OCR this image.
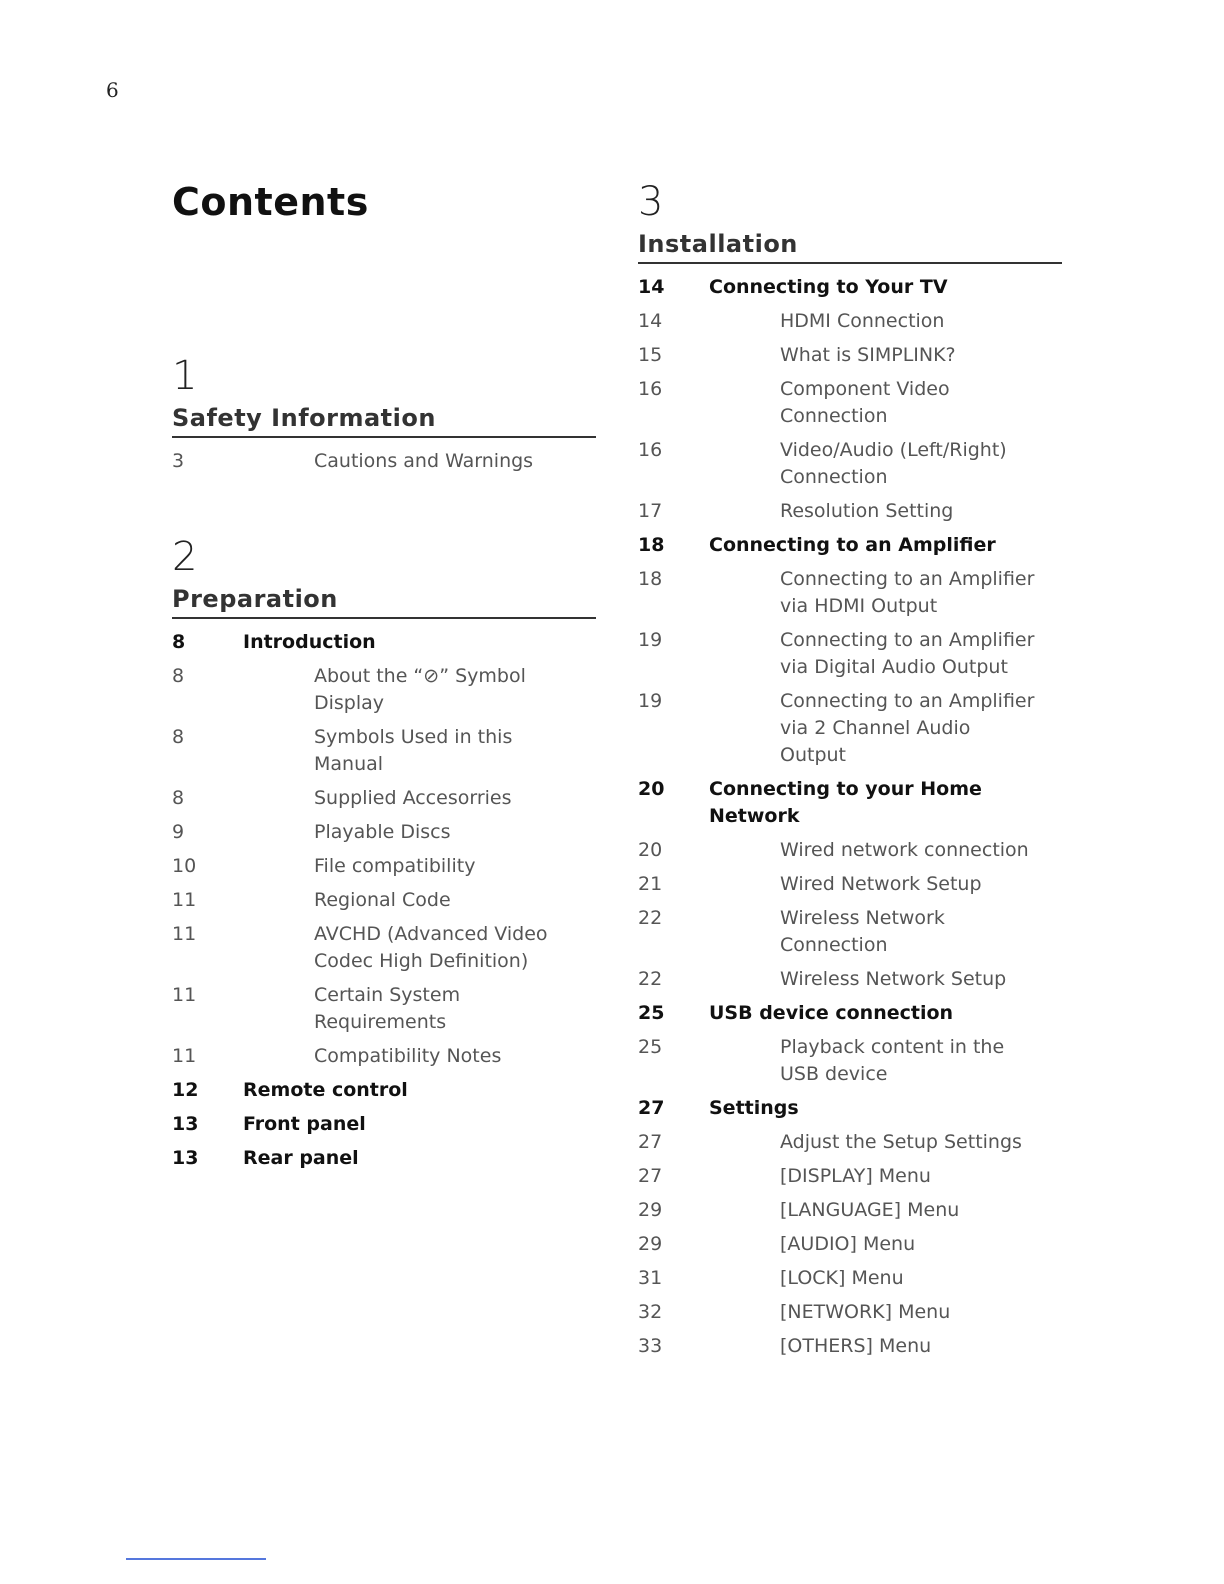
6
Contents
1
Safety Information
3	Cautions and Warnings
2
Preparation
8	Introduction
8	About the “⊘” Symbol Display
8	Symbols Used in this Manual
8	Supplied Accesorries
9	Playable Discs
10	File compatibility
11	Regional Code
11	AVCHD (Advanced Video Codec High Definition)
11	Certain System Requirements
11	Compatibility Notes
12	Remote control
13	Front panel
13	Rear panel
3
Installation
14	Connecting to Your TV
14	HDMI Connection
15	What is SIMPLINK?
16	Component Video Connection
16	Video/Audio (Left/Right) Connection
17	Resolution Setting
18	Connecting to an Amplifier
18	Connecting to an Amplifier via HDMI Output
19	Connecting to an Amplifier via Digital Audio Output
19	Connecting to an Amplifier via 2 Channel Audio Output
20	Connecting to your Home Network
20	Wired network connection
21	Wired Network Setup
22	Wireless Network Connection
22	Wireless Network Setup
25	USB device connection
25	Playback content in the USB device
27	Settings
27	Adjust the Setup Settings
27	[DISPLAY] Menu
29	[LANGUAGE] Menu
29	[AUDIO] Menu
31	[LOCK] Menu
32	[NETWORK] Menu
33	[OTHERS] Menu
